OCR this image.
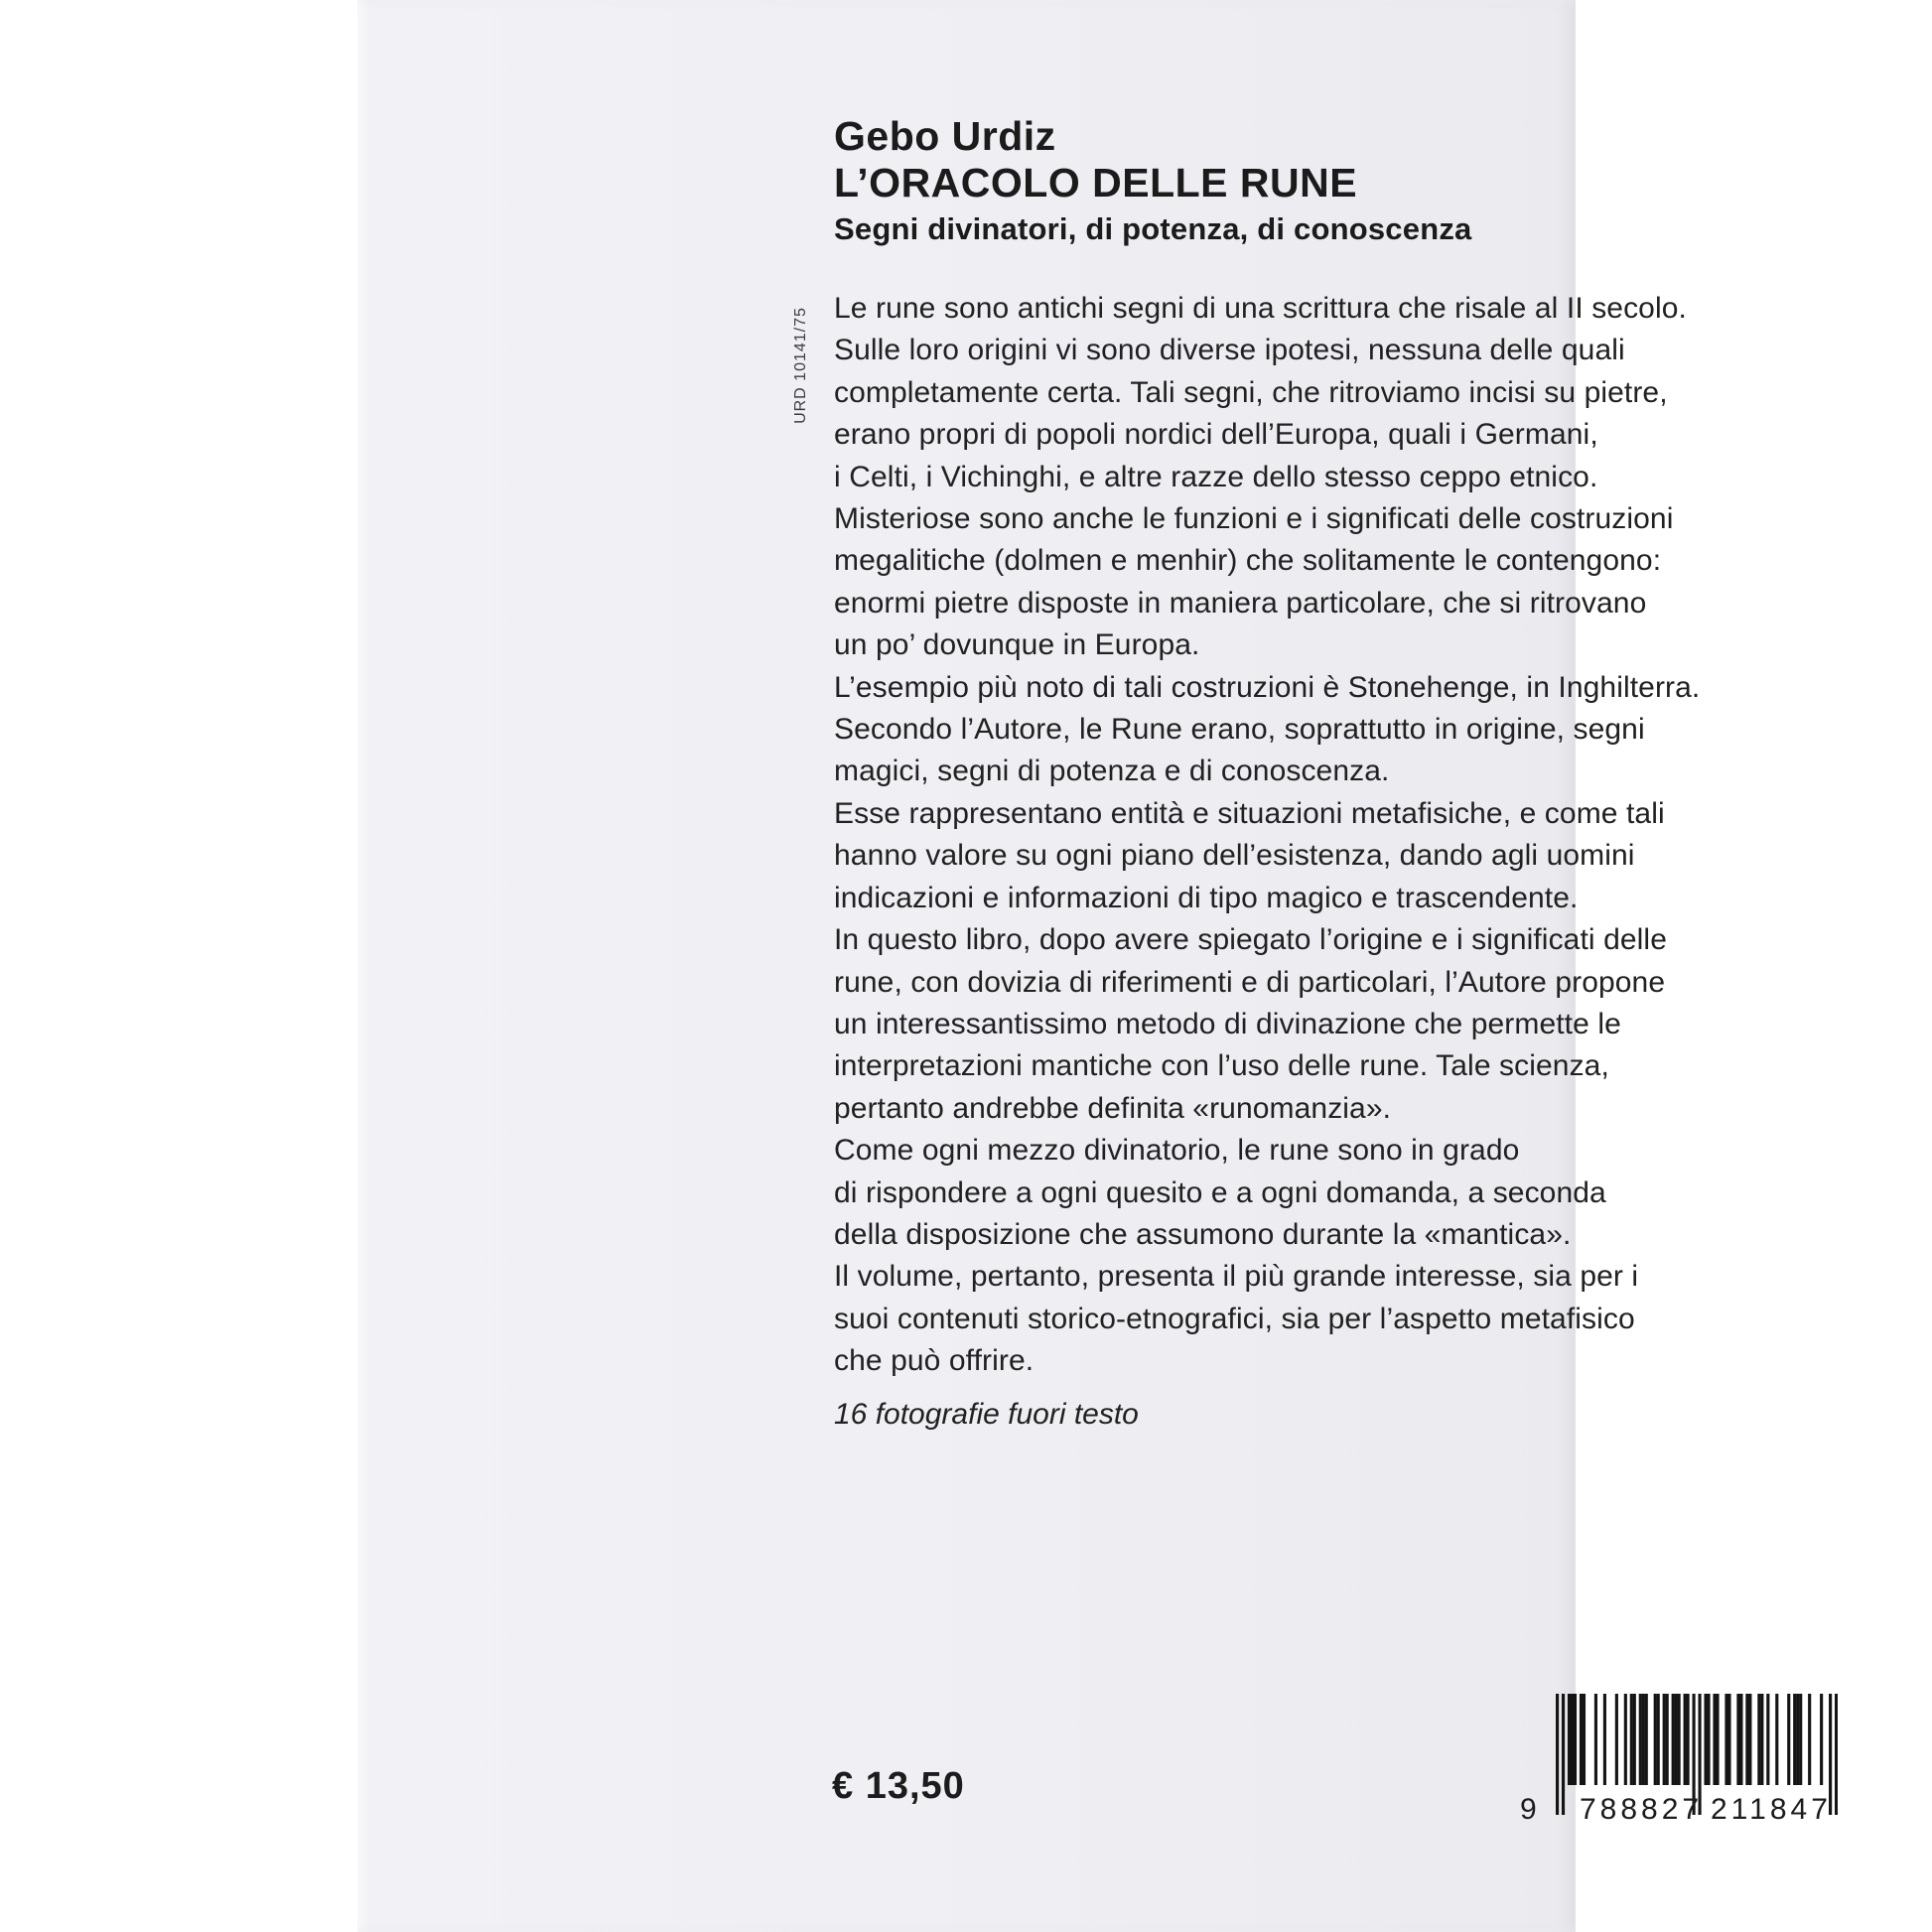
Gebo Urdiz
L’ORACOLO DELLE RUNE
Segni divinatori, di potenza, di conoscenza
URD 10141/75 Le rune sono antichi segni di una scrittura che risale al II secolo.
Sulle loro origini vi sono diverse ipotesi, nessuna delle quali
completamente certa. Tali segni, che ritroviamo incisi su pietre,
erano propri di popoli nordici dell’Europa, quali i Germani,
i Celti, i Vichinghi, e altre razze dello stesso ceppo etnico.
Misteriose sono anche le funzioni e i significati delle costruzioni
megalitiche (dolmen e menhir) che solitamente le contengono:
enormi pietre disposte in maniera particolare, che si ritrovano
un po’ dovunque in Europa.
L’esempio più noto di tali costruzioni è Stonehenge, in Inghilterra.
Secondo l’Autore, le Rune erano, soprattutto in origine, segni
magici, segni di potenza e di conoscenza.
Esse rappresentano entità e situazioni metafisiche, e come tali
hanno valore su ogni piano dell’esistenza, dando agli uomini
indicazioni e informazioni di tipo magico e trascendente.
In questo libro, dopo avere spiegato l’origine e i significati delle
rune, con dovizia di riferimenti e di particolari, l’Autore propone
un interessantissimo metodo di divinazione che permette le
interpretazioni mantiche con l’uso delle rune. Tale scienza,
pertanto andrebbe definita «runomanzia».
Come ogni mezzo divinatorio, le rune sono in grado
di rispondere a ogni quesito e a ogni domanda, a seconda
della disposizione che assumono durante la «mantica».
Il volume, pertanto, presenta il più grande interesse, sia per i
suoi contenuti storico-etnografici, sia per l’aspetto metafisico
che può offrire.
16 fotografie fuori testo
€ 13,50
9 788827 211847
